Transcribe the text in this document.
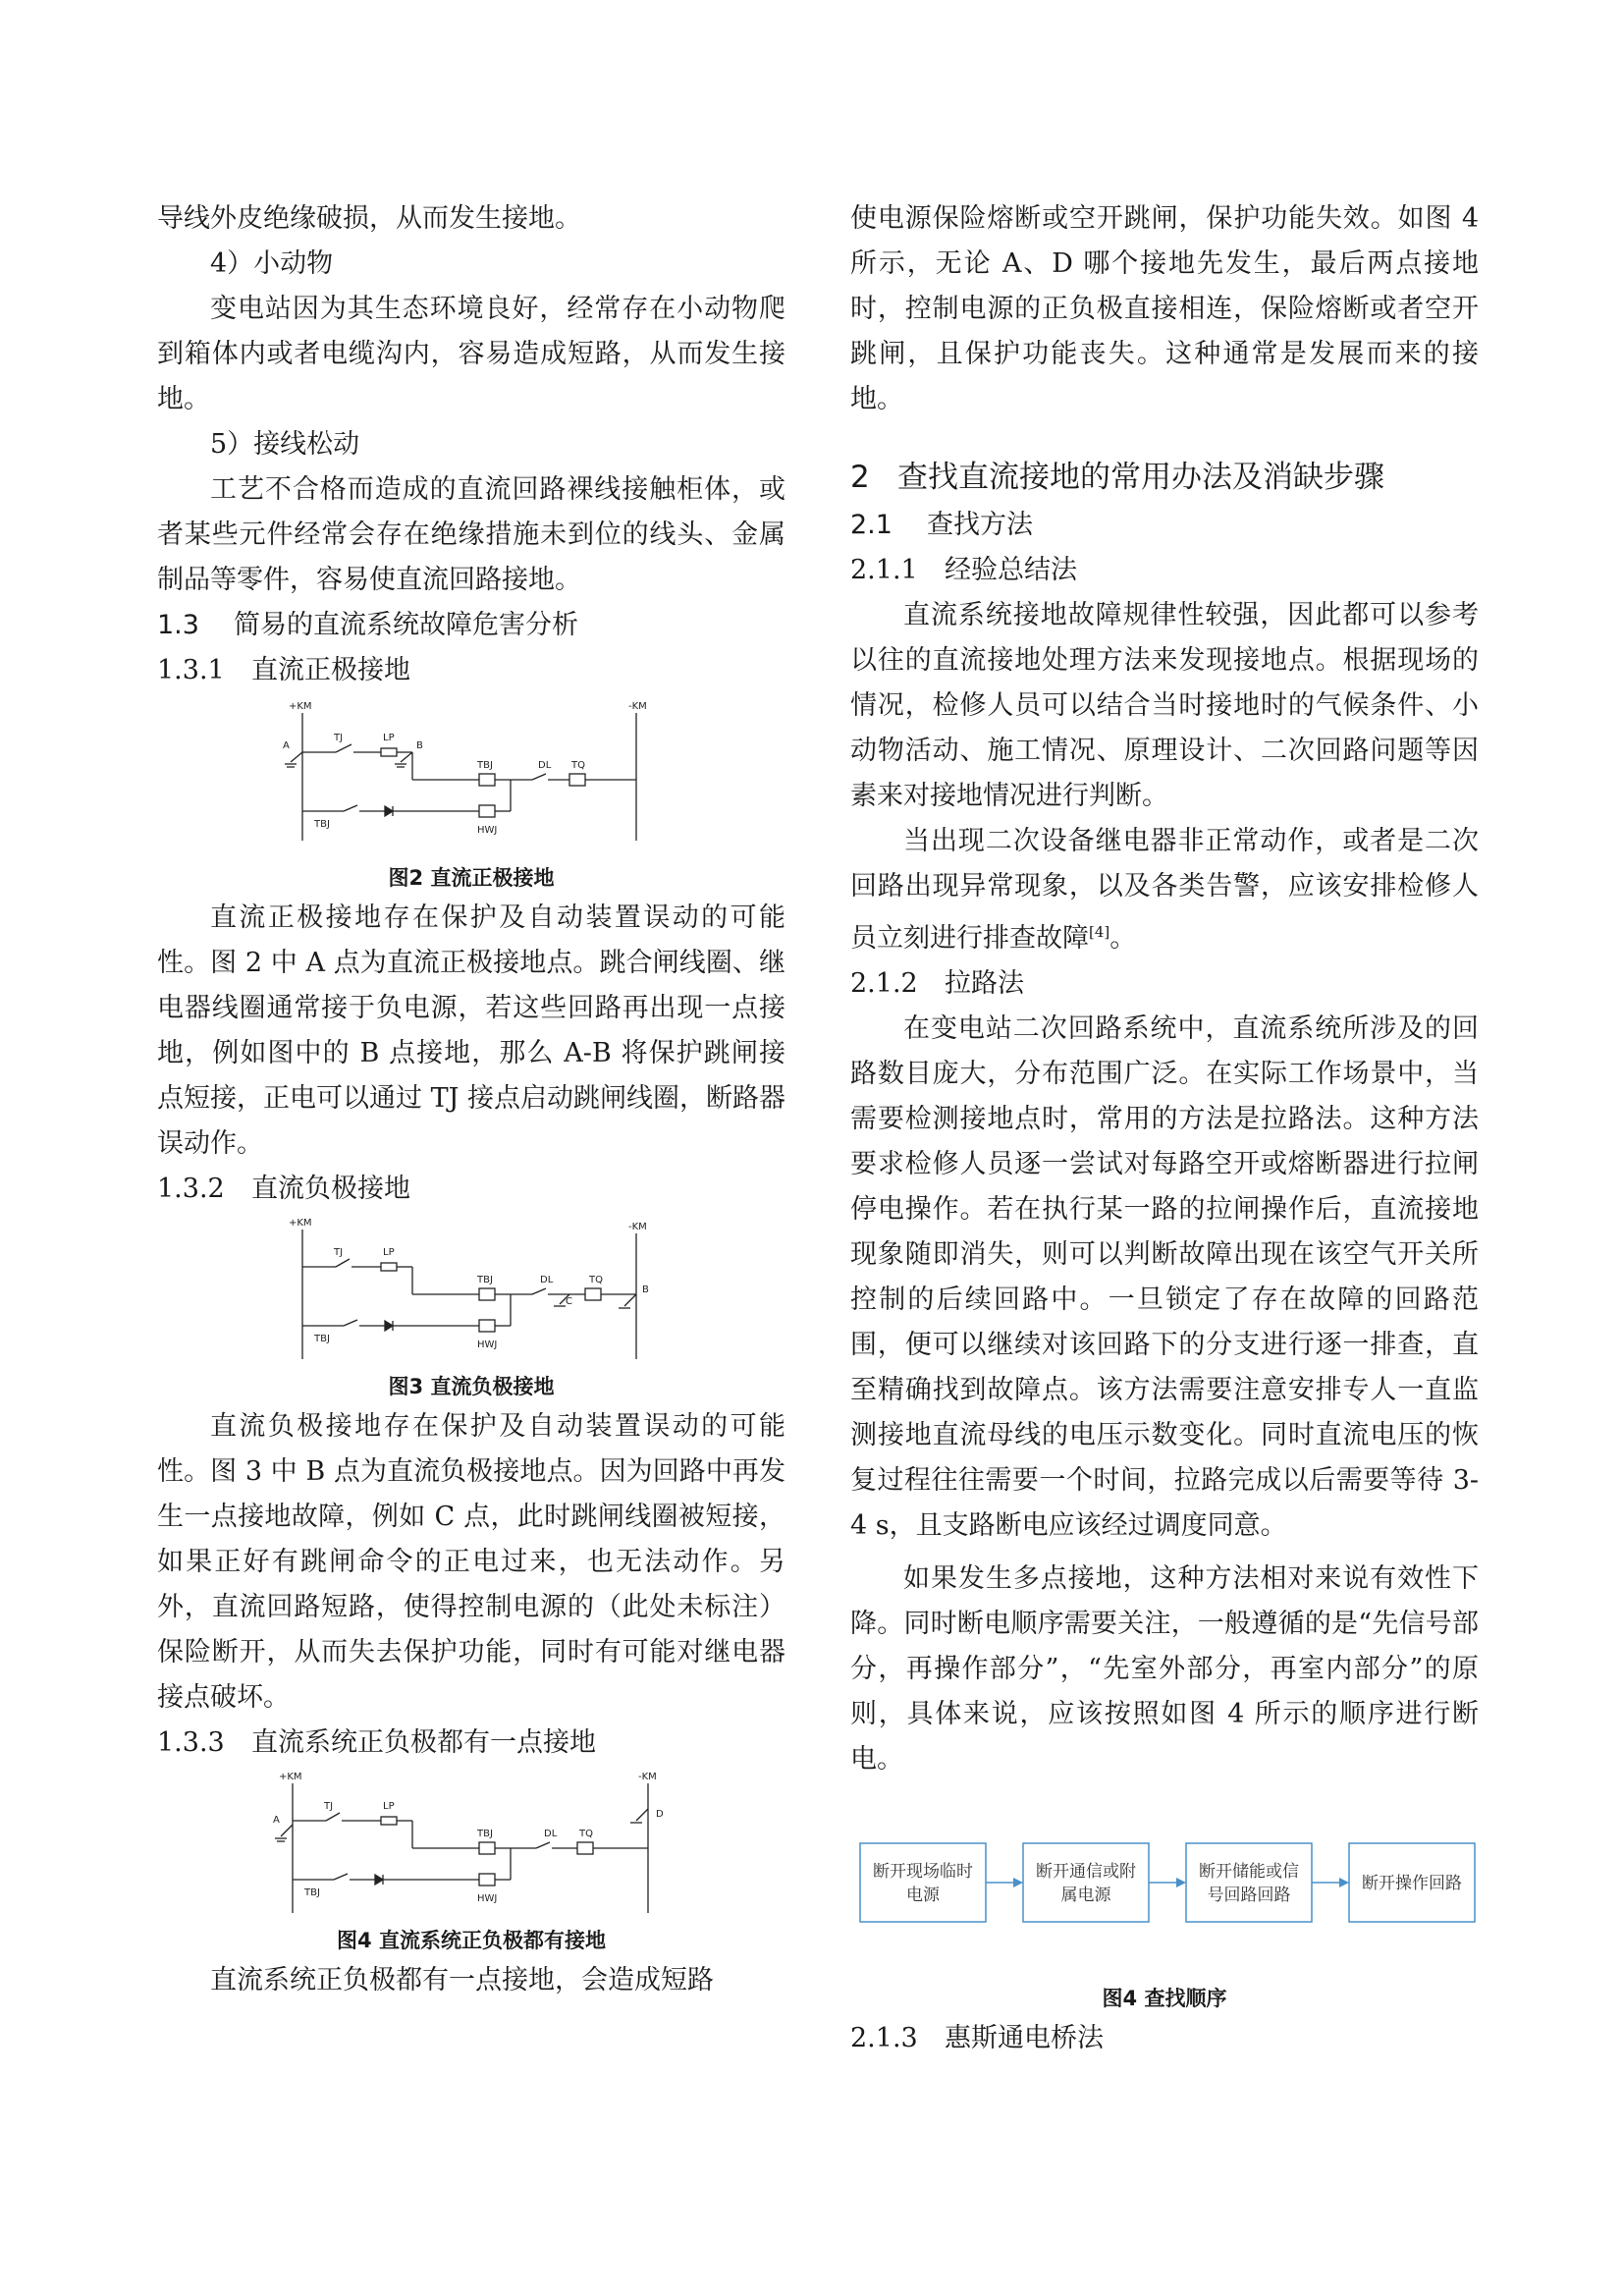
导线外皮绝缘破损，从而发生接地。

4）小动物

变电站因为其生态环境良好，经常存在小动物爬到箱体内或者电缆沟内，容易造成短路，从而发生接地。

5）接线松动

工艺不合格而造成的直流回路裸线接触柜体，或者某些元件经常会存在绝缘措施未到位的线头、金属制品等零件，容易使直流回路接地。

1.3 简易的直流系统故障危害分析
1.3.1 直流正极接地
+KM	-KM
TJ	LP
TBJ	DL TQ
TBJ
HWJ
A	B
图2 直流正极接地

直流正极接地存在保护及自动装置误动的可能性。图 2 中 A 点为直流正极接地点。跳合闸线圈、继电器线圈通常接于负电源，若这些回路再出现一点接地，例如图中的 B 点接地，那么 A-B 将保护跳闸接点短接，正电可以通过 TJ 接点启动跳闸线圈，断路器误动作。

1.3.2 直流负极接地
+KM	-KM
TJ	LP
TBJ	DL
C
TQ
B
TBJ
HWJ
图3 直流负极接地

直流负极接地存在保护及自动装置误动的可能性。图 3 中 B 点为直流负极接地点。因为回路中再发生一点接地故障，例如 C 点，此时跳闸线圈被短接，如果正好有跳闸命令的正电过来，也无法动作。另外，直流回路短路，使得控制电源的（此处未标注）保险断开，从而失去保护功能，同时有可能对继电器接点破坏。

1.3.3 直流系统正负极都有一点接地
+KM	-KM
TJ	LP
A
TBJ	DL TQ
D
TBJ
HWJ
图4 直流系统正负极都有接地

直流系统正负极都有一点接地，会造成短路

使电源保险熔断或空开跳闸，保护功能失效。如图 4 所示，无论 A、D 哪个接地先发生，最后两点接地时，控制电源的正负极直接相连，保险熔断或者空开跳闸，且保护功能丧失。这种通常是发展而来的接地。

2 查找直流接地的常用办法及消缺步骤
2.1 查找方法
2.1.1 经验总结法

直流系统接地故障规律性较强，因此都可以参考以往的直流接地处理方法来发现接地点。根据现场的情况，检修人员可以结合当时接地时的气候条件、小动物活动、施工情况、原理设计、二次回路问题等因素来对接地情况进行判断。

当出现二次设备继电器非正常动作，或者是二次回路出现异常现象，以及各类告警，应该安排检修人员立刻进行排查故障[4]。

2.1.2 拉路法

在变电站二次回路系统中，直流系统所涉及的回路数目庞大，分布范围广泛。在实际工作场景中，当需要检测接地点时，常用的方法是拉路法。这种方法要求检修人员逐一尝试对每路空开或熔断器进行拉闸停电操作。若在执行某一路的拉闸操作后，直流接地现象随即消失，则可以判断故障出现在该空气开关所控制的后续回路中。一旦锁定了存在故障的回路范围，便可以继续对该回路下的分支进行逐一排查，直至精确找到故障点。该方法需要注意安排专人一直监测接地直流母线的电压示数变化。同时直流电压的恢复过程往往需要一个时间，拉路完成以后需要等待 3-4 s，且支路断电应该经过调度同意。

如果发生多点接地，这种方法相对来说有效性下降。同时断电顺序需要关注，一般遵循的是“先信号部分，再操作部分”，“先室外部分，再室内部分”的原则，具体来说，应该按照如图 4 所示的顺序进行断电。

断开现场临时
电源
断开通信或附
属电源
断开储能或信
号回路回路
断开操作回路
图4 查找顺序
2.1.3 惠斯通电桥法
